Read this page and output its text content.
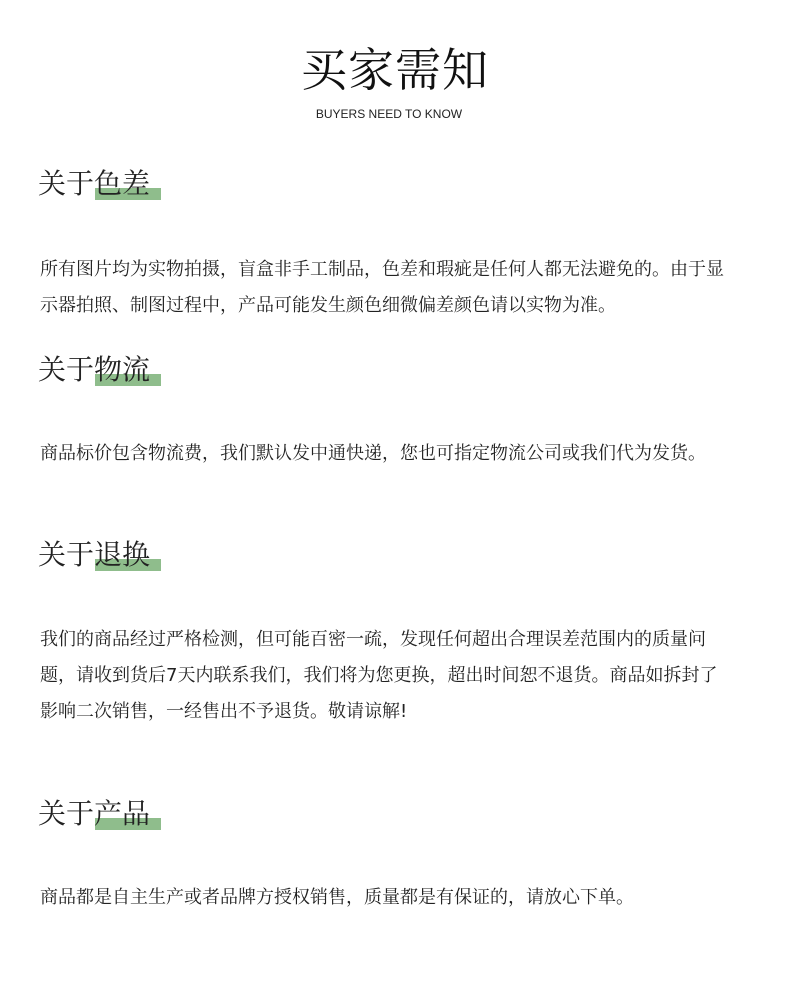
买家需知
BUYERS NEED TO KNOW
关于色差

所有图片均为实物拍摄，盲盒非手工制品，色差和瑕疵是任何人都无法避免的。由于显示器拍照、制图过程中，产品可能发生颜色细微偏差颜色请以实物为准。

关于物流

商品标价包含物流费，我们默认发中通快递，您也可指定物流公司或我们代为发货。

关于退换

我们的商品经过严格检测，但可能百密一疏，发现任何超出合理误差范围内的质量问题，请收到货后7天内联系我们，我们将为您更换，超出时间恕不退货。商品如拆封了影响二次销售，一经售出不予退货。敬请谅解!

关于产品

商品都是自主生产或者品牌方授权销售，质量都是有保证的，请放心下单。
